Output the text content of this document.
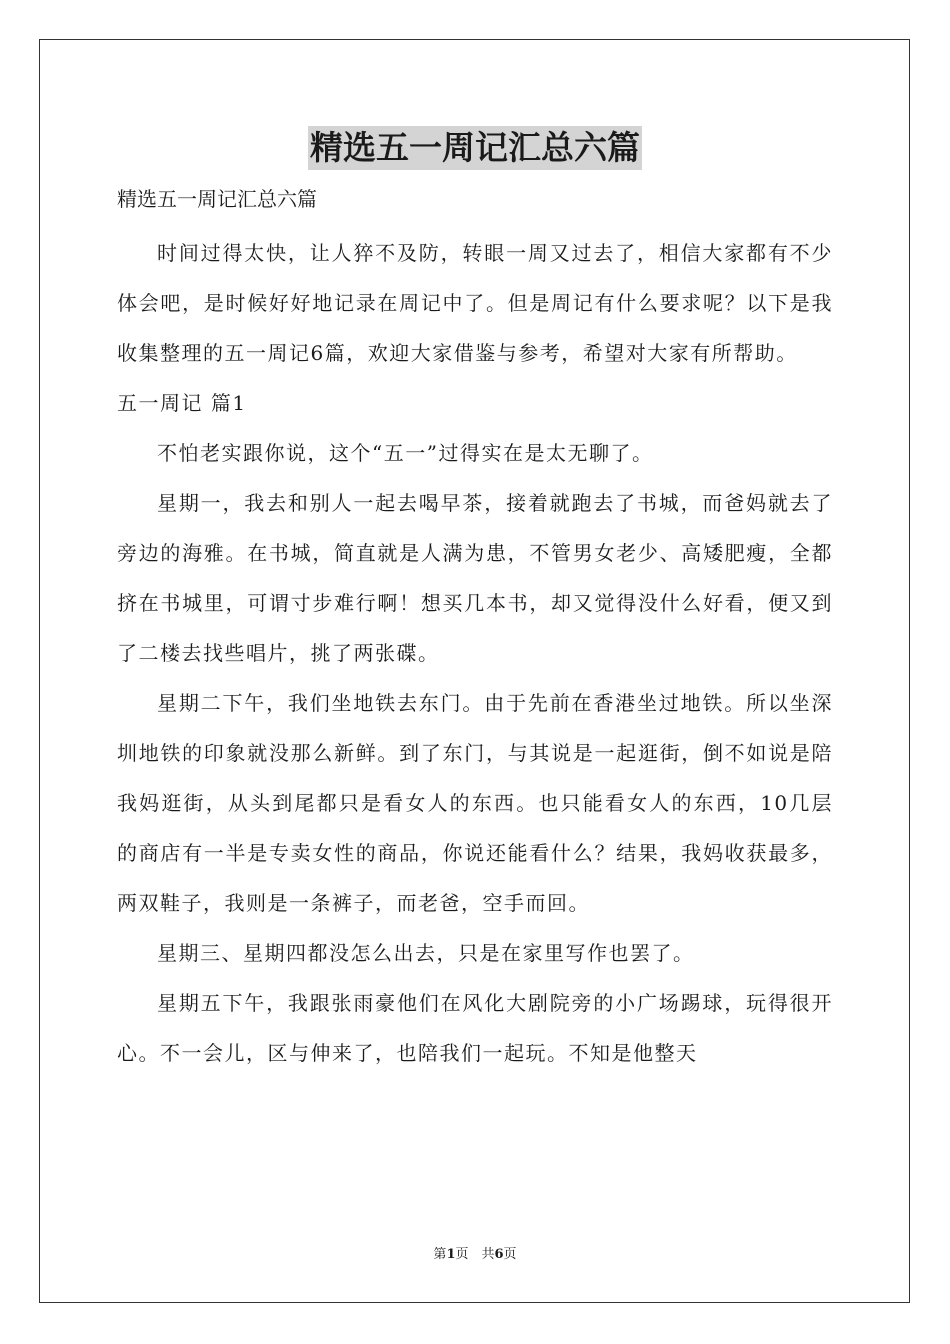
精选五一周记汇总六篇
精选五一周记汇总六篇

时间过得太快，让人猝不及防，转眼一周又过去了，相信大家都有不少体会吧，是时候好好地记录在周记中了。但是周记有什么要求呢？以下是我收集整理的五一周记6篇，欢迎大家借鉴与参考，希望对大家有所帮助。

五一周记 篇1

不怕老实跟你说，这个“五一”过得实在是太无聊了。

星期一，我去和别人一起去喝早茶，接着就跑去了书城，而爸妈就去了旁边的海雅。在书城，简直就是人满为患，不管男女老少、高矮肥瘦，全都挤在书城里，可谓寸步难行啊！想买几本书，却又觉得没什么好看，便又到了二楼去找些唱片，挑了两张碟。

星期二下午，我们坐地铁去东门。由于先前在香港坐过地铁。所以坐深圳地铁的印象就没那么新鲜。到了东门，与其说是一起逛街，倒不如说是陪我妈逛街，从头到尾都只是看女人的东西。也只能看女人的东西，10几层的商店有一半是专卖女性的商品，你说还能看什么？结果，我妈收获最多，两双鞋子，我则是一条裤子，而老爸，空手而回。

星期三、星期四都没怎么出去，只是在家里写作也罢了。

星期五下午，我跟张雨豪他们在风化大剧院旁的小广场踢球，玩得很开心。不一会儿，区与伸来了，也陪我们一起玩。不知是他整天

第1页　共6页
